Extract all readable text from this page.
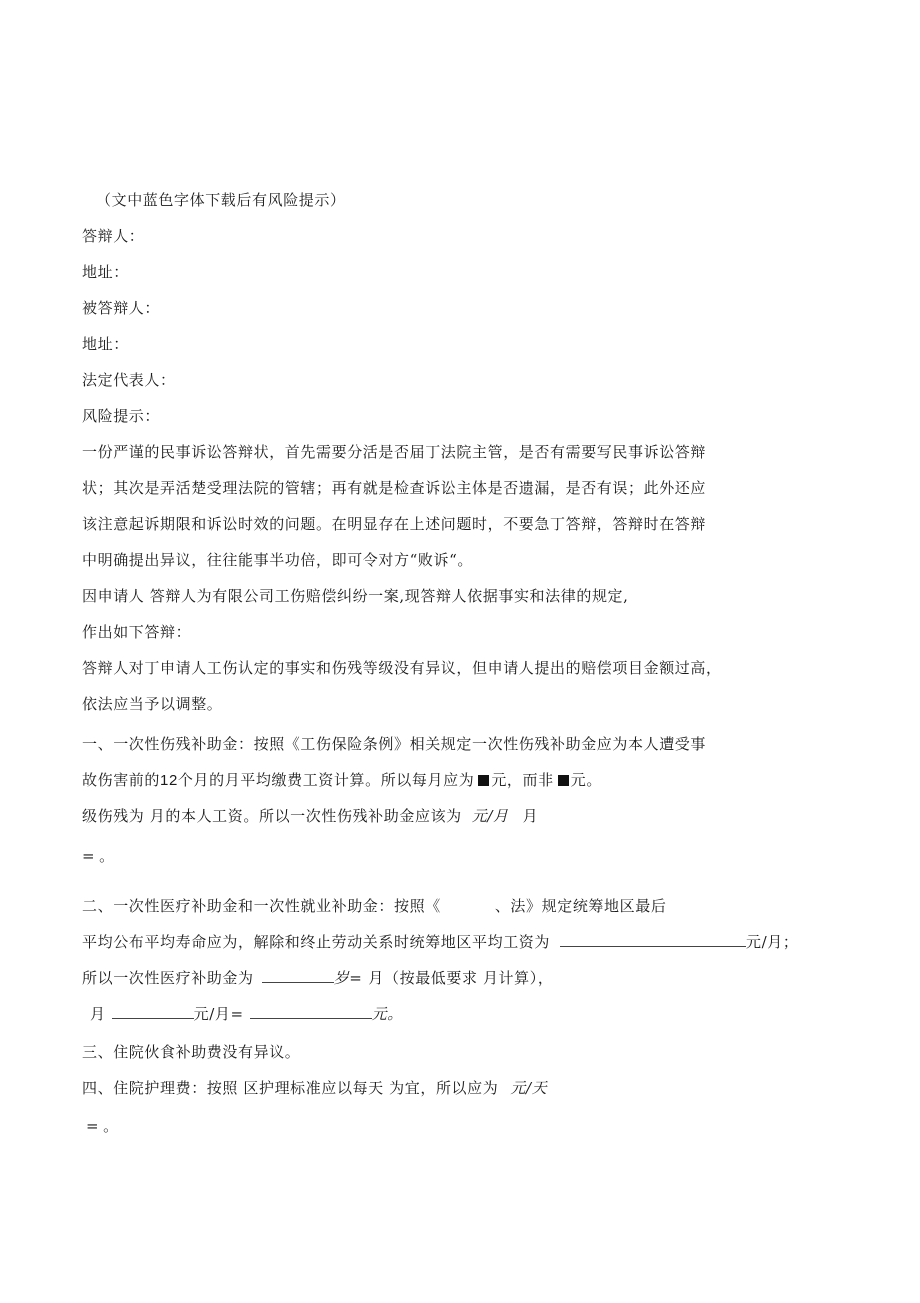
（文中蓝色字体下载后有风险提示）
答辩人：
地址：
被答辩人：
地址：
法定代表人：
风险提示：
一份严谨的民事诉讼答辩状，首先需要分活是否届丁法院主管，是否有需要写民事诉讼答辩
状；其次是弄活楚受理法院的管辖；再有就是检查诉讼主体是否遗漏，是否有误；此外还应
该注意起诉期限和诉讼时效的问题。在明显存在上述问题时，不要急丁答辩，答辩时在答辩
中明确提出异议，往往能事半功倍，即可令对方“败诉“。
因申请人 答辩人为有限公司工伤赔偿纠纷一案,现答辩人依据事实和法律的规定,
作出如下答辩：
答辩人对丁申请人工伤认定的事实和伤残等级没有异议，但申请人提出的赔偿项目金额过高，
依法应当予以调整。
一、一次性伤残补助金：按照《工伤保险条例》相关规定一次性伤残补助金应为本人遭受事
故伤害前的12个月的月平均缴费工资计算。所以每月应为 元，而非 元。
级伤残为 月的本人工资。所以一次性伤残补助金应该为 元/月 月
= 。
二、一次性医疗补助金和一次性就业补助金：按照《	、法》规定统筹地区最后
平均公布平均寿命应为，解除和终止劳动关系时统筹地区平均工资为	元/月；
所以一次性医疗补助金为	岁= 月（按最低要求 月计算），
月	元/月=	元。
三、住院伙食补助费没有异议。
四、住院护理费：按照 区护理标准应以每天 为宜，所以应为 元/天
= 。
